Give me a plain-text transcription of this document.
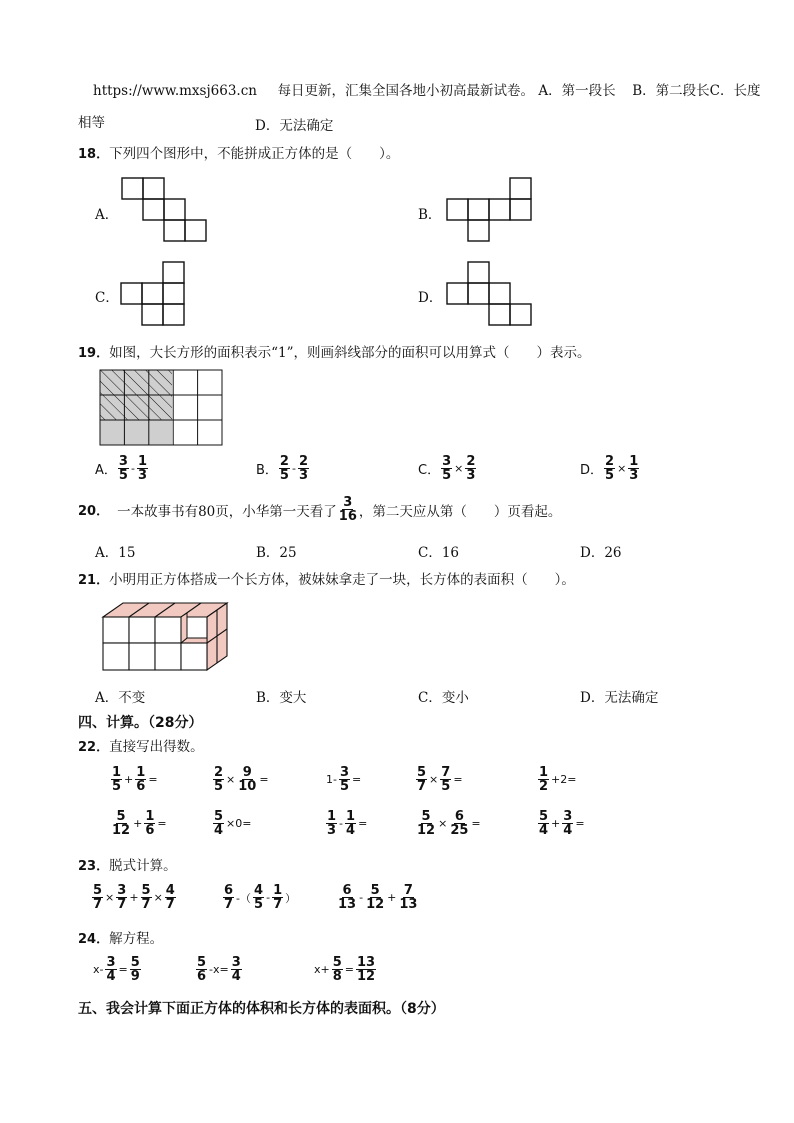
https://www.mxsj663.cn 每日更新，汇集全国各地小初高最新试卷。 A．第一段长 B．第二段长C．长度
相等	D．无法确定
18．下列四个图形中，不能拼成正方体的是（　　）。
A．	B．
C．	D．
19．如图，大长方形的面积表示“1”，则画斜线部分的面积可以用算式（　　）表示。
A． $\frac{3}{5} - \frac{1}{3}$	B． $\frac{2}{5} - \frac{2}{3}$	C． $\frac{3}{5} \times \frac{2}{3}$	D． $\frac{2}{5} \times \frac{1}{3}$
20． 一本故事书有80页，小华第一天看了 $\frac{3}{16}$ ，第二天应从第（　　）页看起。
A．15	B．25	C．16	D．26
21．小明用正方体搭成一个长方体，被妹妹拿走了一块，长方体的表面积（　　）。
A．不变	B．变大	C．变小	D．无法确定
四、计算。（28分）
22．直接写出得数。
$\frac{1}{5} + \frac{1}{6}$ =	$\frac{2}{5} \times \frac{9}{10}$ =	$1- \frac{3}{5}$ =	$\frac{5}{7} \times \frac{7}{5}$ =	$\frac{1}{2} +2=$
$\frac{5}{12} + \frac{1}{6}$ =	$\frac{5}{4} \times 0=$	$\frac{1}{3} - \frac{1}{4}$ =	$\frac{5}{12} \times \frac{6}{25}$ =	$\frac{5}{4} + \frac{3}{4}$ =
23．脱式计算。
$\frac{5}{7} \times \frac{3}{7} + \frac{5}{7} \times \frac{4}{7}$	$\frac{6}{7}$ -（ $\frac{4}{5} - \frac{1}{7}$ ）	$\frac{6}{13} - \frac{5}{12} + \frac{7}{13}$
24．解方程。
$x- \frac{3}{4} = \frac{5}{9}$	$\frac{5}{6} -x= \frac{3}{4}$	$x+ \frac{5}{8} = \frac{13}{12}$
五、我会计算下面正方体的体积和长方体的表面积。（8分）
